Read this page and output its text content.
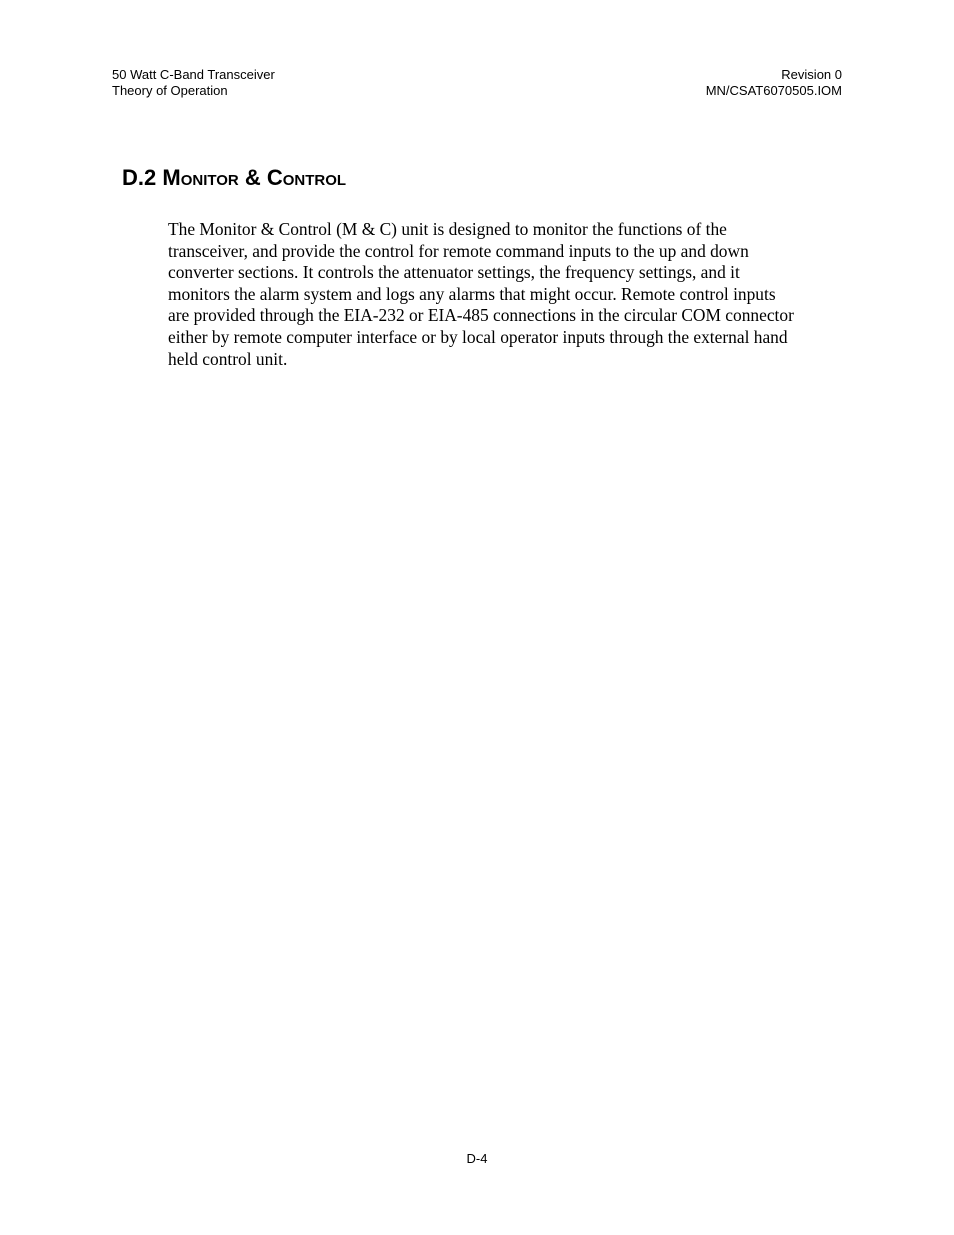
50 Watt C-Band Transceiver
Theory of Operation
Revision 0
MN/CSAT6070505.IOM
D.2 Monitor & Control

The Monitor & Control (M & C) unit is designed to monitor the functions of the
transceiver, and provide the control for remote command inputs to the up and down
converter sections. It controls the attenuator settings, the frequency settings, and it
monitors the alarm system and logs any alarms that might occur. Remote control inputs
are provided through the EIA-232 or EIA-485 connections in the circular COM connector
either by remote computer interface or by local operator inputs through the external hand
held control unit.

D-4
